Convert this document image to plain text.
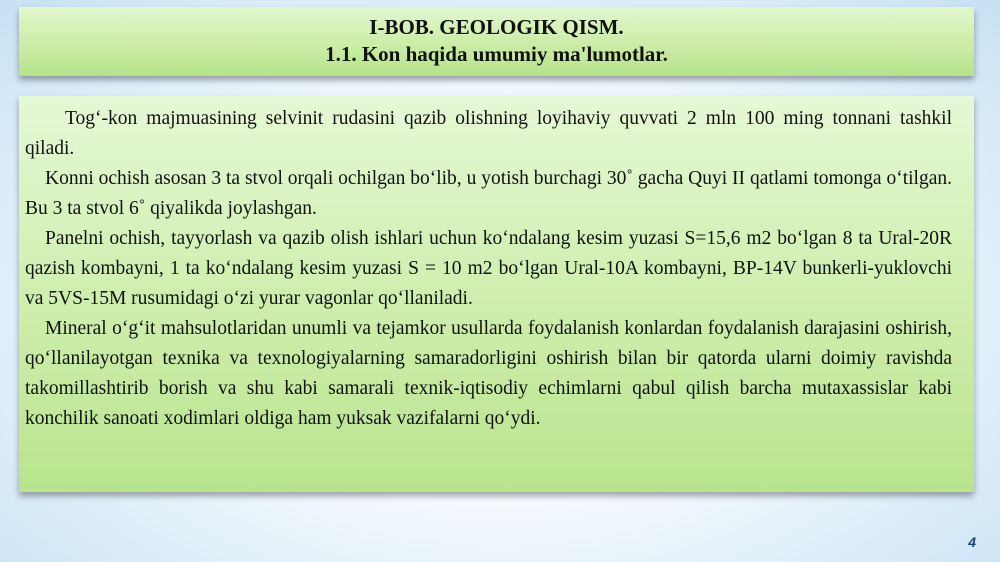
I-BOB. GEOLOGIK QISM.
1.1. Kon haqida umumiy ma'lumotlar.

Tog‘-kon majmuasining selvinit rudasini qazib olishning loyihaviy quvvati 2 mln 100 ming tonnani tashkil qiladi.

Konni ochish asosan 3 ta stvol orqali ochilgan bo‘lib, u yotish burchagi 30˚ gacha Quyi II qatlami tomonga o‘tilgan. Bu 3 ta stvol 6˚ qiyalikda joylashgan.

Panelni ochish, tayyorlash va qazib olish ishlari uchun ko‘ndalang kesim yuzasi S=15,6 m2 bo‘lgan 8 ta Ural-20R qazish kombayni, 1 ta ko‘ndalang kesim yuzasi S = 10 m2 bo‘lgan Ural-10A kombayni, BP-14V bunkerli-yuklovchi va 5VS-15M rusumidagi o‘zi yurar vagonlar qo‘llaniladi.

Mineral o‘g‘it mahsulotlaridan unumli va tejamkor usullarda foydalanish konlardan foydalanish darajasini oshirish, qo‘llanilayotgan texnika va texnologiyalarning samaradorligini oshirish bilan bir qatorda ularni doimiy ravishda takomillashtirib borish va shu kabi samarali texnik-iqtisodiy echimlarni qabul qilish barcha mutaxassislar kabi konchilik sanoati xodimlari oldiga ham yuksak vazifalarni qo‘ydi.

4
